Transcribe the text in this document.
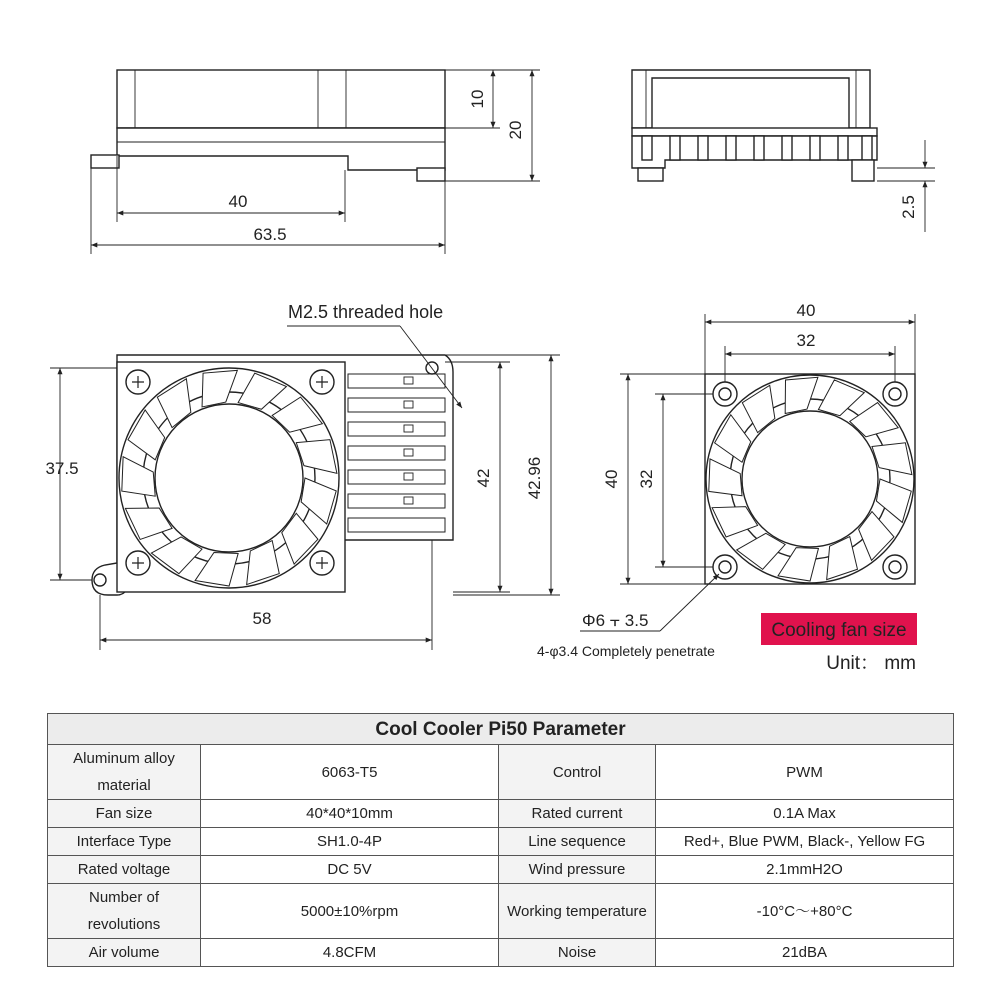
40
63.5
10
20
2.5
M2.5 threaded hole
37.5	42 42.96
58
40
32
40 32
Φ6 ⫟ 3.5
4-φ3.4 Completely penetrate
Cooling fan size
Unit： mm
Cool Cooler Pi50 Parameter			
Aluminum alloy material	6063-T5	Control	PWM
Fan size	40*40*10mm	Rated current	0.1A Max
Interface Type	SH1.0-4P	Line sequence	Red+, Blue PWM, Black-, Yellow FG
Rated voltage	DC 5V	Wind pressure	2.1mmH2O
Number of revolutions	5000±10%rpm	Working temperature	-10°C～+80°C
Air volume	4.8CFM	Noise	21dBA
